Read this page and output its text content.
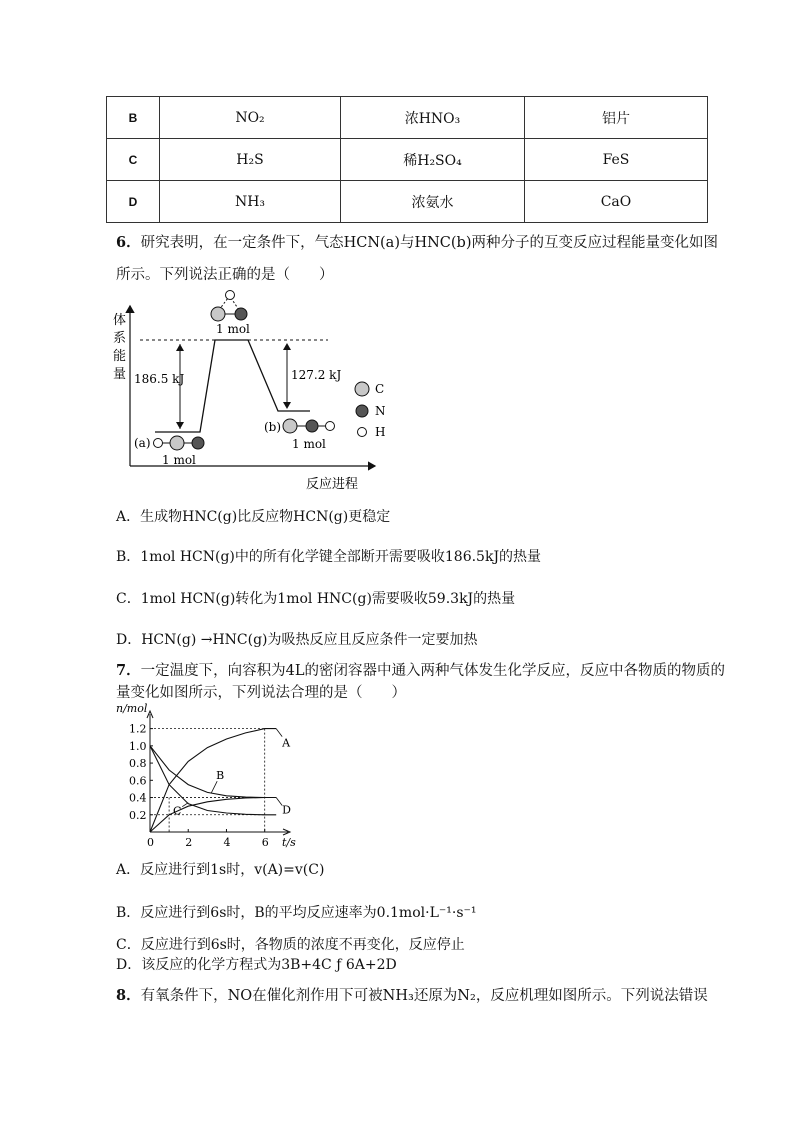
B	NO₂	浓HNO₃	铝片
C	H₂S	稀H₂SO₄	FeS
D	NH₃	浓氨水	CaO
6．研究表明，在一定条件下，气态HCN(a)与HNC(b)两种分子的互变反应过程能量变化如图
所示。下列说法正确的是（　　）
体
系
能
量
反应进程
186.5 kJ	127.2 kJ
1 mol
(a)
1 mol
(b)
1 mol
C
N
H
A．生成物HNC(g)比反应物HCN(g)更稳定
B．1mol HCN(g)中的所有化学键全部断开需要吸收186.5kJ的热量
C．1mol HCN(g)转化为1mol HNC(g)需要吸收59.3kJ的热量
D．HCN(g) →HNC(g)为吸热反应且反应条件一定要加热
7．一定温度下，向容积为4L的密闭容器中通入两种气体发生化学反应，反应中各物质的物质的
量变化如图所示，下列说法合理的是（　　）
n/mol
t/s
0.2
0.4
0.6
0.8
1.0
1.2
0	2	4	6
A
B
C	D
A．反应进行到1s时，v(A)=v(C)
B．反应进行到6s时，B的平均反应速率为0.1mol·L⁻¹·s⁻¹
C．反应进行到6s时，各物质的浓度不再变化，反应停止
D．该反应的化学方程式为3B+4C ƒ 6A+2D
8．有氧条件下，NO在催化剂作用下可被NH₃还原为N₂，反应机理如图所示。下列说法错误
